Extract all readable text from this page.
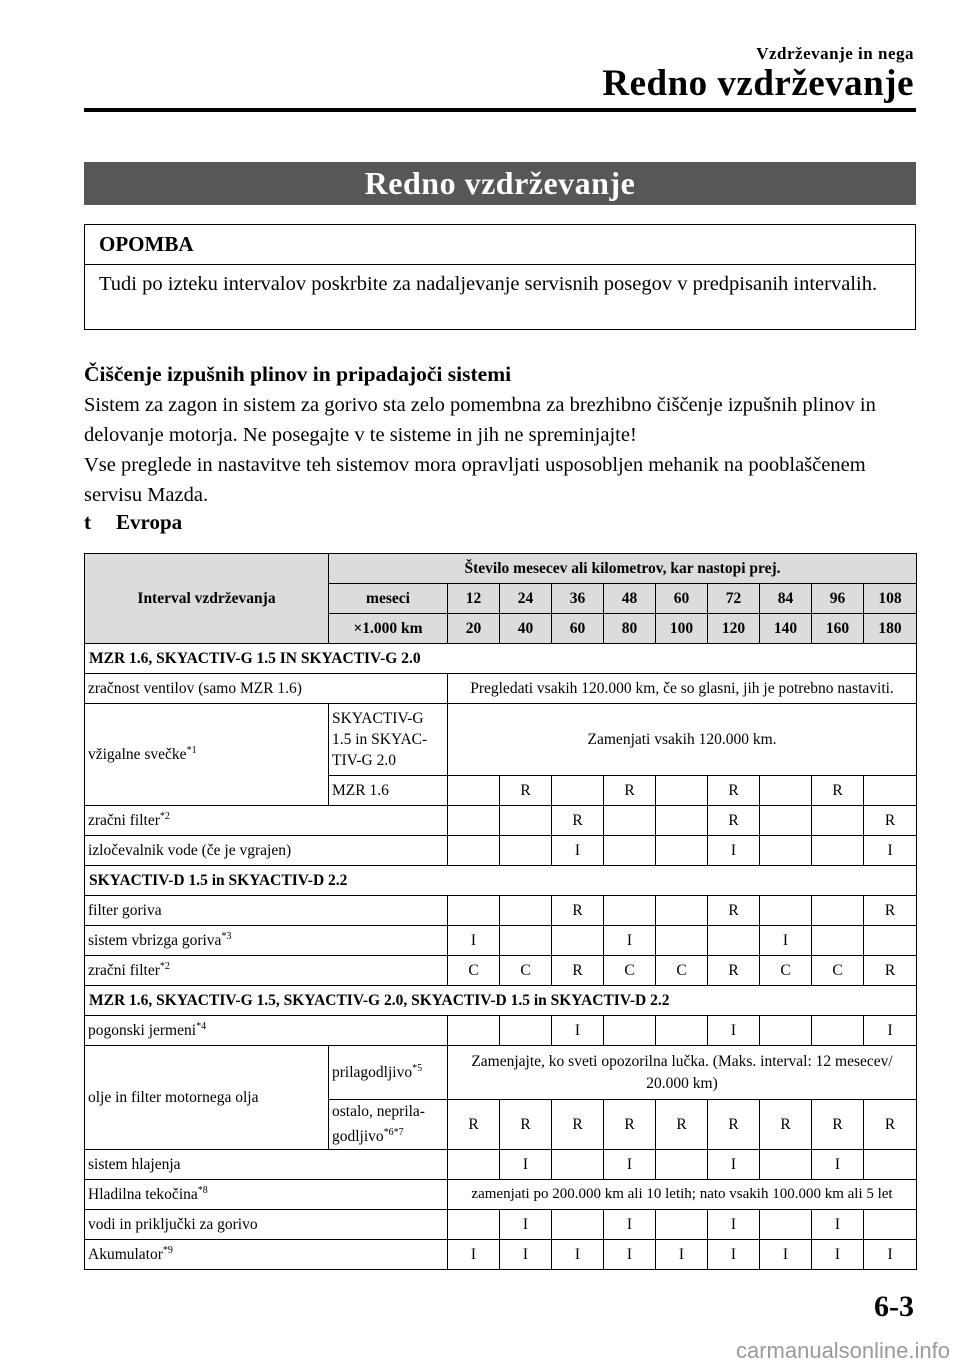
Vzdrževanje in nega
Redno vzdrževanje
Redno vzdrževanje
OPOMBA
Tudi po izteku intervalov poskrbite za nadaljevanje servisnih posegov v predpisanih intervalih.
Čiščenje izpušnih plinov in pripadajoči sistemi
Sistem za zagon in sistem za gorivo sta zelo pomembna za brezhibno čiščenje izpušnih plinov in delovanje motorja. Ne posegajte v te sisteme in jih ne spreminjajte!
Vse preglede in nastavitve teh sistemov mora opravljati usposobljen mehanik na pooblaščenem servisu Mazda.
t Evropa
Interval vzdrževanja	Število mesecev ali kilometrov, kar nastopi prej.									
	meseci	12	24	36	48	60	72	84	96	108
	×1.000 km	20	40	60	80	100	120	140	160	180
MZR 1.6, SKYACTIV-G 1.5 IN SKYACTIV-G 2.0										
zračnost ventilov (samo MZR 1.6)		Pregledati vsakih 120.000 km, če so glasni, jih je potrebno nastaviti.								
vžigalne svečke$^{*1}$	SKYACTIV-G 1.5 in SKYAC-TIV-G 2.0	Zamenjati vsakih 120.000 km.								
	MZR 1.6		R		R		R		R	
zračni filter$^{*2}$				R			R			R
izločevalnik vode (če je vgrajen)				I			I			I
SKYACTIV-D 1.5 in SKYACTIV-D 2.2										
filter goriva				R			R			R
sistem vbrizga goriva$^{*3}$		I			I			I		
zračni filter$^{*2}$		C	C	R	C	C	R	C	C	R
MZR 1.6, SKYACTIV-G 1.5, SKYACTIV-G 2.0, SKYACTIV-D 1.5 in SKYACTIV-D 2.2										
pogonski jermeni$^{*4}$				I			I			I
olje in filter motornega olja	prilagodljivo$^{*5}$	Zamenjajte, ko sveti opozorilna lučka. (Maks. interval: 12 mesecev/ 20.000 km)								
	ostalo, neprila-godljivo$^{*6*7}$	R	R	R	R	R	R	R	R	R
sistem hlajenja			I		I		I		I	
Hladilna tekočina$^{*8}$		zamenjati po 200.000 km ali 10 letih; nato vsakih 100.000 km ali 5 let								
vodi in priključki za gorivo			I		I		I		I	
Akumulator$^{*9}$		I	I	I	I	I	I	I	I	I
6-3
carmanualsonline.info
